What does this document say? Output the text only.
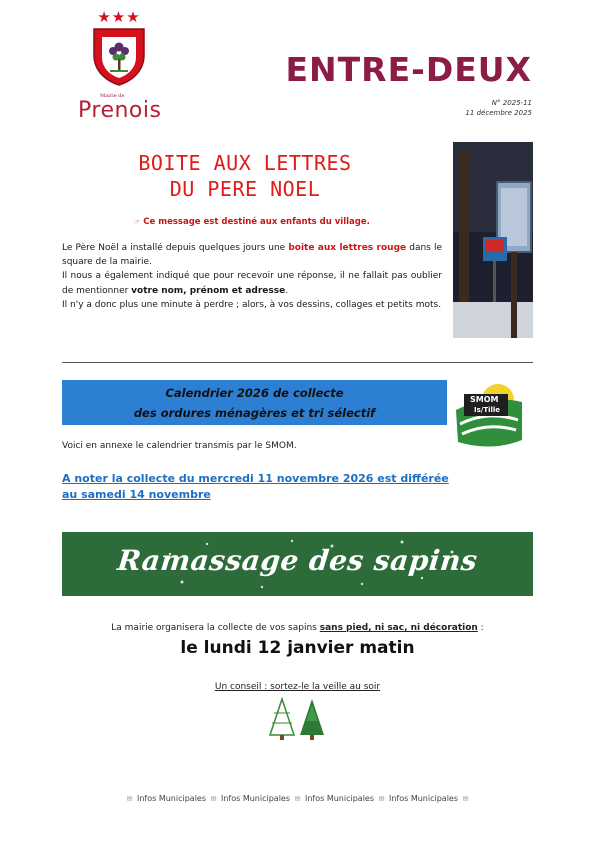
★★★
Mairie de
Prenois
ENTRE-DEUX
N° 2025-11
11 décembre 2025
BOITE AUX LETTRES
DU PERE NOEL
☞ Ce message est destiné aux enfants du village.

Le Père Noël a installé depuis quelques jours une boite aux lettres rouge dans le square de la mairie.

Il nous a également indiqué que pour recevoir une réponse, il ne fallait pas oublier de mentionner votre nom, prénom et adresse.

Il n'y a donc plus une minute à perdre ; alors, à vos dessins, collages et petits mots.

Calendrier 2026 de collecte
des ordures ménagères et tri sélectif
SMOM
Is/Tille
Voici en annexe le calendrier transmis par le SMOM.
A noter la collecte du mercredi 11 novembre 2026 est différée au samedi 14 novembre
Ramassage des sapins
La mairie organisera la collecte de vos sapins sans pied, ni sac, ni décoration :
le lundi 12 janvier matin
Un conseil : sortez-le la veille au soir
✉ Infos Municipales ✉ Infos Municipales ✉ Infos Municipales ✉ Infos Municipales ✉
